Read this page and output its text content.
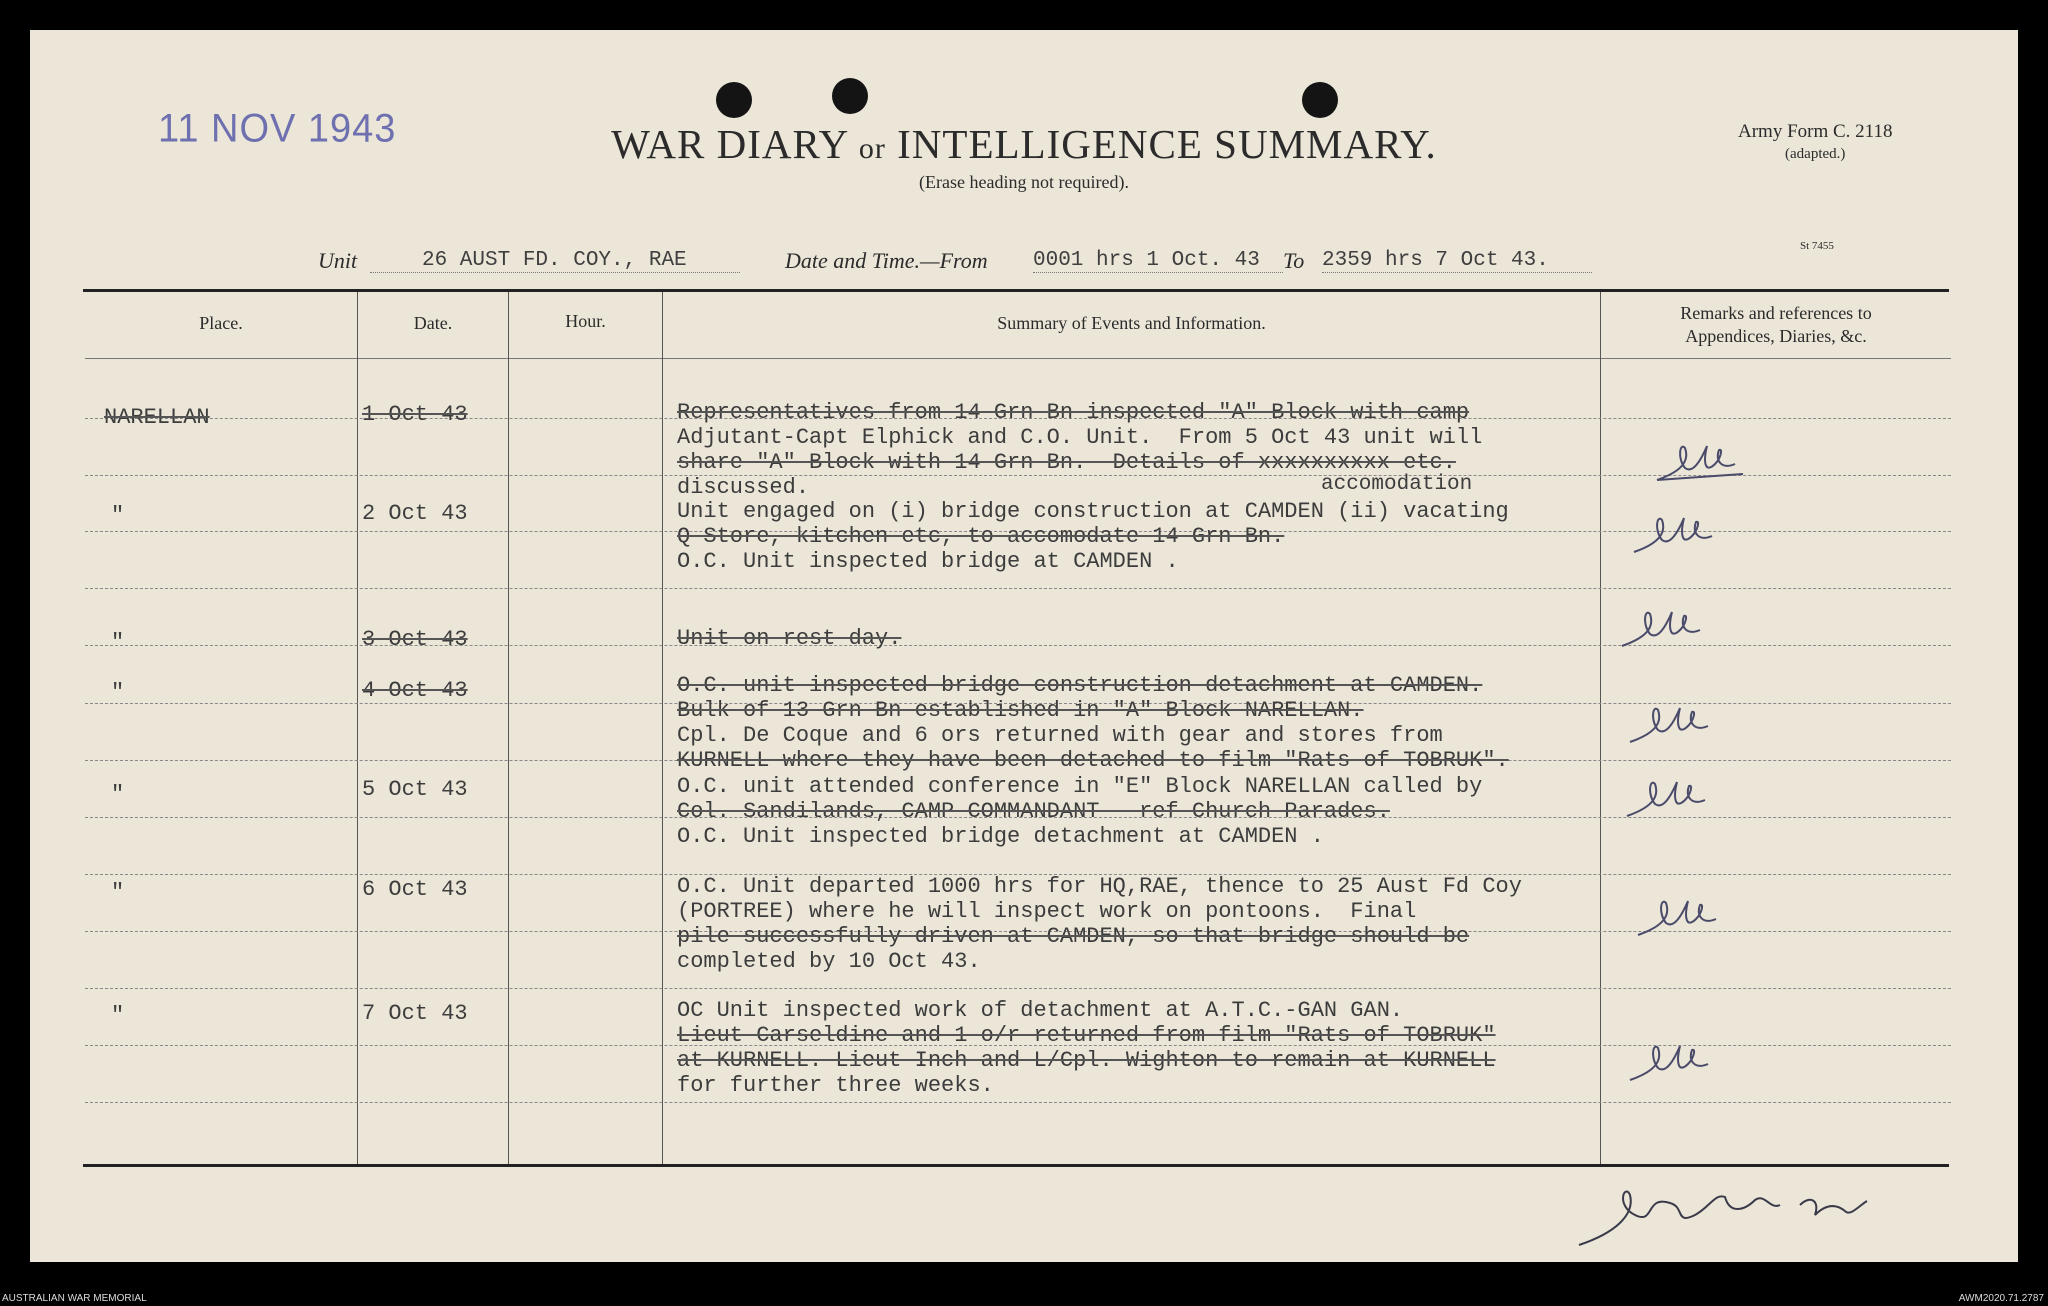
11 NOV 1943	WAR DIARY or INTELLIGENCE SUMMARY.
(Erase heading not required).
Army Form C. 2118
(adapted.)
St 7455
Unit	26 AUST FD. COY., RAE	Date and Time.—From 0001 hrs 1 Oct. 43	To 2359 hrs 7 Oct 43.
Place.	Date.	Hour.	Summary of Events and Information.	Remarks and references to
Appendices, Diaries, &c.
NARELLAN	1 Oct 43	Representatives from 14 Grn Bn inspected "A" Block with camp
Adjutant-Capt Elphick and C.O. Unit.  From 5 Oct 43 unit will
share "A" Block with 14 Grn Bn.  Details of xxxxxxxxxx etc.
discussed.	accomodation
"	2 Oct 43	Unit engaged on (i) bridge construction at CAMDEN (ii) vacating
Q Store, kitchen etc, to accomodate 14 Grn Bn.
O.C. Unit inspected bridge at CAMDEN .
"	3 Oct 43	Unit on rest day.
"	4 Oct 43	O.C. unit inspected bridge construction detachment at CAMDEN.
Bulk of 13 Grn Bn established in "A" Block NARELLAN.
Cpl. De Coque and 6 ors returned with gear and stores from
KURNELL where they have been detached to film "Rats of TOBRUK".
"	5 Oct 43	O.C. unit attended conference in "E" Block NARELLAN called by
Col. Sandilands, CAMP COMMANDANT - ref Church Parades.
O.C. Unit inspected bridge detachment at CAMDEN .
"	6 Oct 43	O.C. Unit departed 1000 hrs for HQ,RAE, thence to 25 Aust Fd Coy
(PORTREE) where he will inspect work on pontoons.  Final
pile successfully driven at CAMDEN, so that bridge should be
completed by 10 Oct 43.
"	7 Oct 43	OC Unit inspected work of detachment at A.T.C.-GAN GAN.
Lieut Carseldine and 1 o/r returned from film "Rats of TOBRUK"
at KURNELL. Lieut Inch and L/Cpl. Wighton to remain at KURNELL
for further three weeks.
AUSTRALIAN WAR MEMORIAL	AWM2020.71.2787
